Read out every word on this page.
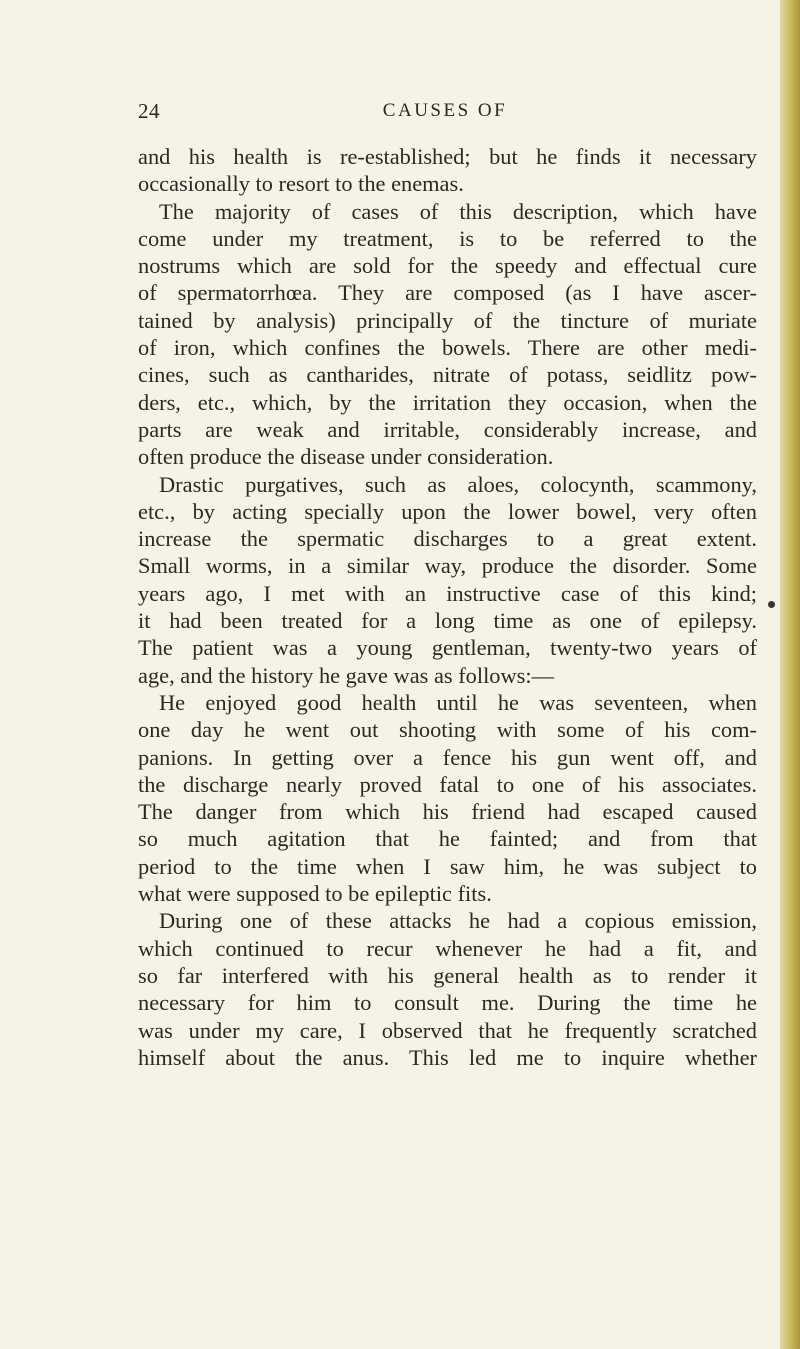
24	CAUSES OF
and his health is re-established; but he finds it necessary
occasionally to resort to the enemas.
The majority of cases of this description, which have
come under my treatment, is to be referred to the
nostrums which are sold for the speedy and effectual cure
of spermatorrhœa. They are composed (as I have ascer-
tained by analysis) principally of the tincture of muriate
of iron, which confines the bowels. There are other medi-
cines, such as cantharides, nitrate of potass, seidlitz pow-
ders, etc., which, by the irritation they occasion, when the
parts are weak and irritable, considerably increase, and
often produce the disease under consideration.
Drastic purgatives, such as aloes, colocynth, scammony,
etc., by acting specially upon the lower bowel, very often
increase the spermatic discharges to a great extent.
Small worms, in a similar way, produce the disorder. Some
years ago, I met with an instructive case of this kind;
it had been treated for a long time as one of epilepsy.
The patient was a young gentleman, twenty-two years of
age, and the history he gave was as follows:—
He enjoyed good health until he was seventeen, when
one day he went out shooting with some of his com-
panions. In getting over a fence his gun went off, and
the discharge nearly proved fatal to one of his associates.
The danger from which his friend had escaped caused
so much agitation that he fainted; and from that
period to the time when I saw him, he was subject to
what were supposed to be epileptic fits.
During one of these attacks he had a copious emission,
which continued to recur whenever he had a fit, and
so far interfered with his general health as to render it
necessary for him to consult me. During the time he
was under my care, I observed that he frequently scratched
himself about the anus. This led me to inquire whether
